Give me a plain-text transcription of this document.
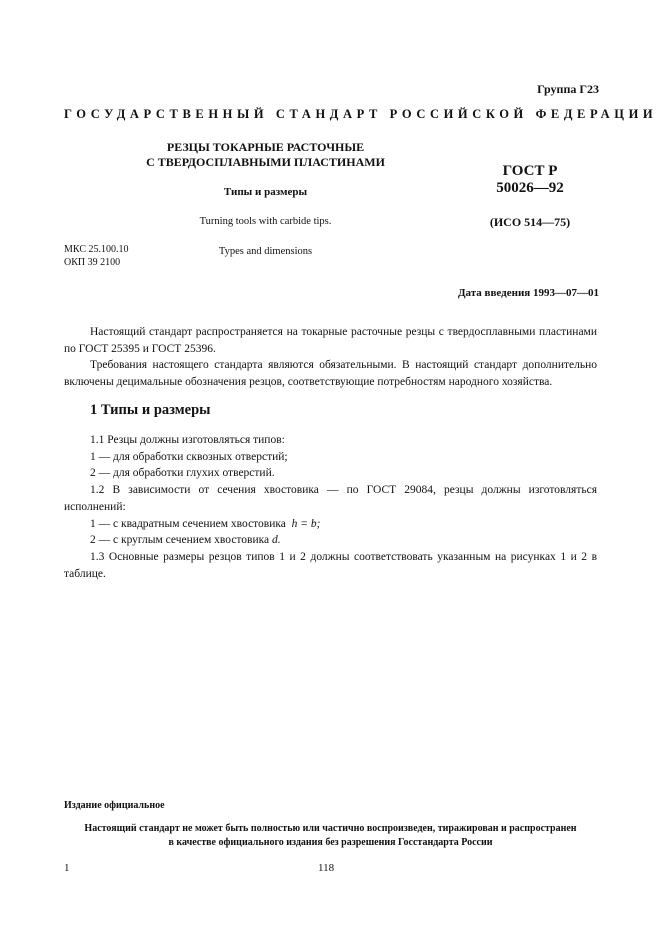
Группа Г23
ГОСУДАРСТВЕННЫЙ СТАНДАРТ РОССИЙСКОЙ ФЕДЕРАЦИИ
РЕЗЦЫ ТОКАРНЫЕ РАСТОЧНЫЕ
С ТВЕРДОСПЛАВНЫМИ ПЛАСТИНАМИ
Типы и размеры
Turning tools with carbide tips.
Types and dimensions
ГОСТ Р
50026—92
(ИСО 514—75)
МКС 25.100.10
ОКП 39 2100
Дата введения 1993—07—01

Настоящий стандарт распространяется на токарные расточные резцы с твердосплавными пластинами по ГОСТ 25395 и ГОСТ 25396.

Требования настоящего стандарта являются обязательными. В настоящий стандарт дополнительно включены децимальные обозначения резцов, соответствующие потребностям народного хозяйства.

1 Типы и размеры

1.1 Резцы должны изготовляться типов:

1 — для обработки сквозных отверстий;

2 — для обработки глухих отверстий.

1.2 В зависимости от сечения хвостовика — по ГОСТ 29084, резцы должны изготовляться исполнений:

1 — с квадратным сечением хвостовика h = b;

2 — с круглым сечением хвостовика d.

1.3 Основные размеры резцов типов 1 и 2 должны соответствовать указанным на рисунках 1 и 2 в таблице.

Издание официальное
Настоящий стандарт не может быть полностью или частично воспроизведен, тиражирован и распространен
в качестве официального издания без разрешения Госстандарта России
1	118
